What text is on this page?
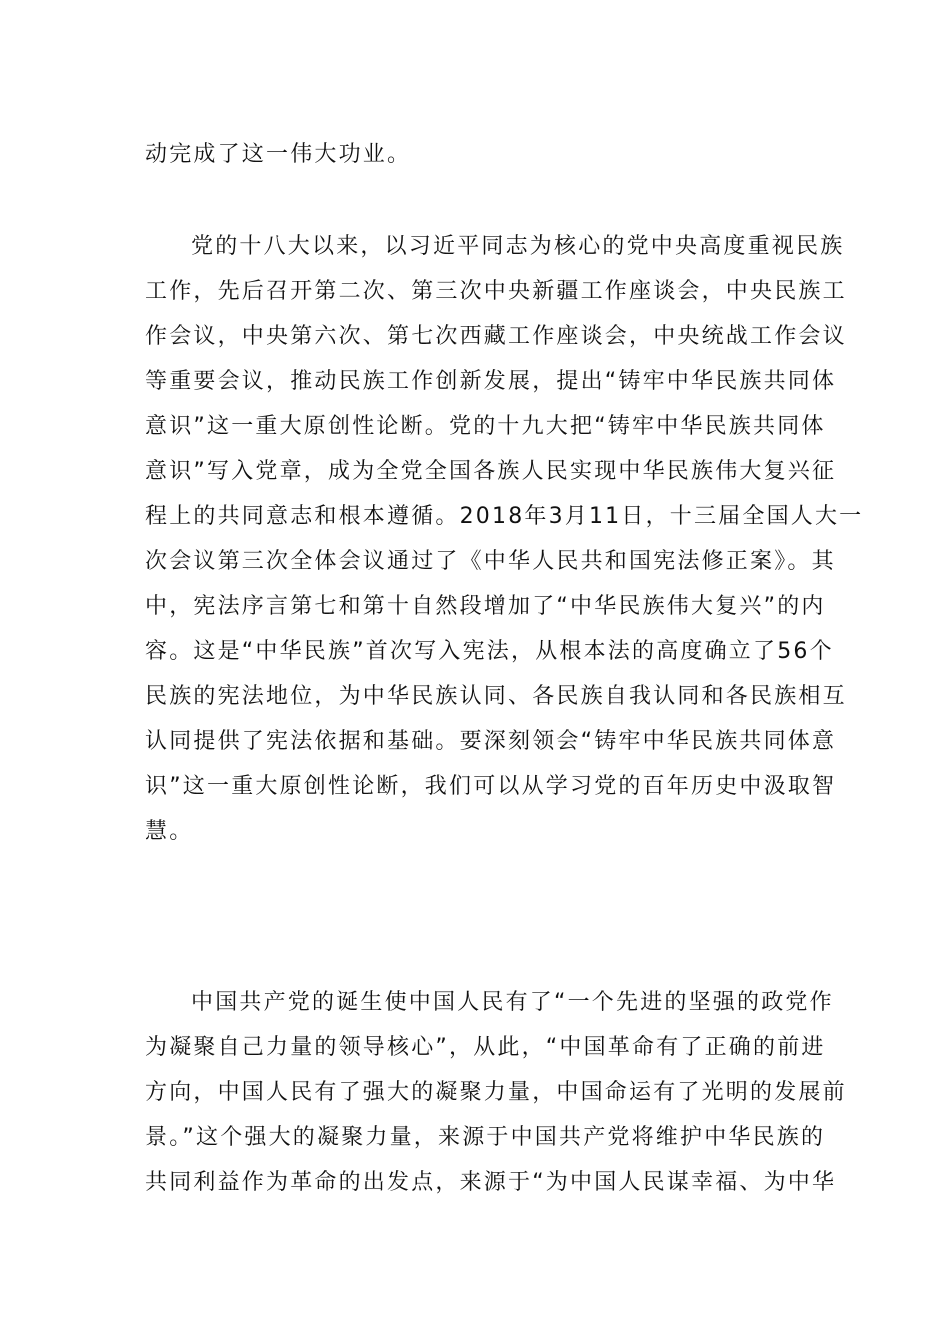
动完成了这一伟大功业。
党的十八大以来，以习近平同志为核心的党中央高度重视民族
工作，先后召开第二次、第三次中央新疆工作座谈会，中央民族工
作会议，中央第六次、第七次西藏工作座谈会，中央统战工作会议
等重要会议，推动民族工作创新发展，提出“铸牢中华民族共同体
意识”这一重大原创性论断。党的十九大把“铸牢中华民族共同体
意识”写入党章，成为全党全国各族人民实现中华民族伟大复兴征
程上的共同意志和根本遵循。2018年3月11日，十三届全国人大一
次会议第三次全体会议通过了《中华人民共和国宪法修正案》。其
中，宪法序言第七和第十自然段增加了“中华民族伟大复兴”的内
容。这是“中华民族”首次写入宪法，从根本法的高度确立了56个
民族的宪法地位，为中华民族认同、各民族自我认同和各民族相互
认同提供了宪法依据和基础。要深刻领会“铸牢中华民族共同体意
识”这一重大原创性论断，我们可以从学习党的百年历史中汲取智
慧。
中国共产党的诞生使中国人民有了“一个先进的坚强的政党作
为凝聚自己力量的领导核心”，从此，“中国革命有了正确的前进
方向，中国人民有了强大的凝聚力量，中国命运有了光明的发展前
景。”这个强大的凝聚力量，来源于中国共产党将维护中华民族的
共同利益作为革命的出发点，来源于“为中国人民谋幸福、为中华
